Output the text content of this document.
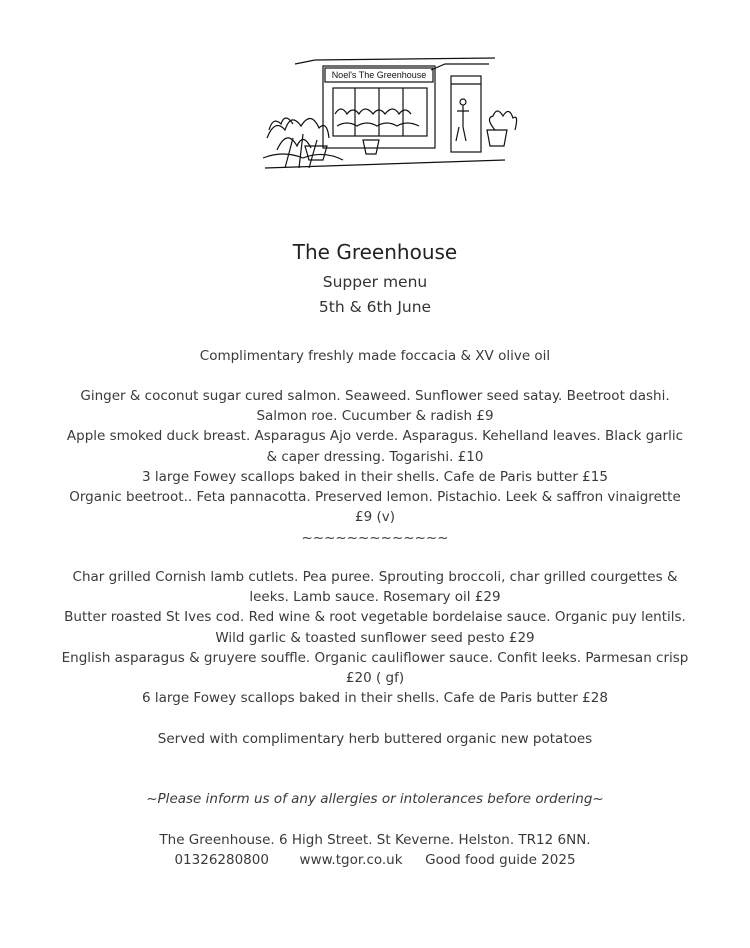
Noel's The Greenhouse
The Greenhouse
Supper menu
5th & 6th June
Complimentary freshly made foccacia & XV olive oil
Ginger & coconut sugar cured salmon. Seaweed. Sunflower seed satay. Beetroot dashi. Salmon roe. Cucumber & radish £9
Apple smoked duck breast. Asparagus Ajo verde. Asparagus. Kehelland leaves. Black garlic & caper dressing. Togarishi. £10
3 large Fowey scallops baked in their shells. Cafe de Paris butter £15
Organic beetroot.. Feta pannacotta. Preserved lemon. Pistachio. Leek & saffron vinaigrette £9 (v)
~~~~~~~~~~~~~
Char grilled Cornish lamb cutlets. Pea puree. Sprouting broccoli, char grilled courgettes & leeks. Lamb sauce. Rosemary oil £29
Butter roasted St Ives cod. Red wine & root vegetable bordelaise sauce. Organic puy lentils. Wild garlic & toasted sunflower seed pesto £29
English asparagus & gruyere souffle. Organic cauliflower sauce. Confit leeks. Parmesan crisp £20 ( gf)
6 large Fowey scallops baked in their shells. Cafe de Paris butter £28
Served with complimentary herb buttered organic new potatoes
~Please inform us of any allergies or intolerances before ordering~
The Greenhouse. 6 High Street. St Keverne. Helston. TR12 6NN.
01326280800 www.tgor.co.uk Good food guide 2025
